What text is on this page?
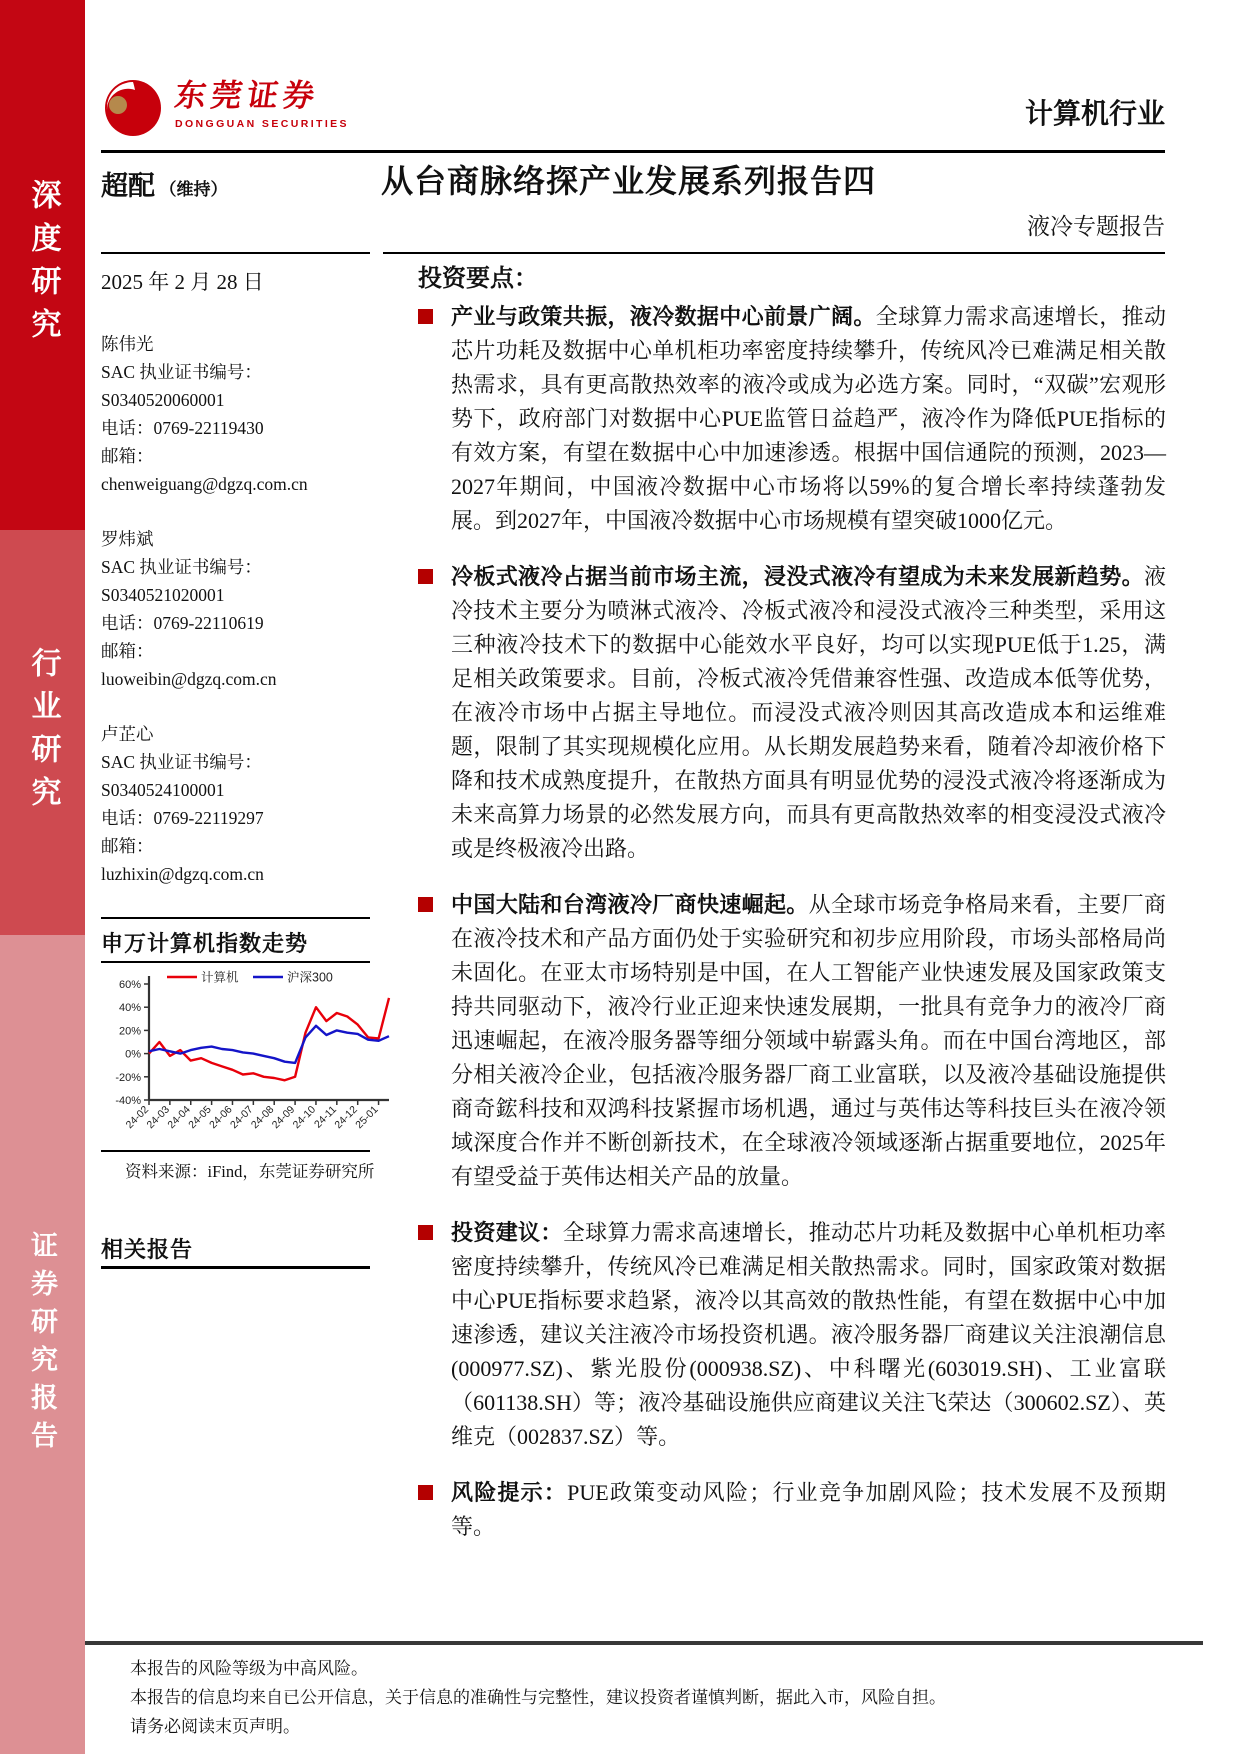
深度研究
行业研究
证券研究报告
东莞证券
DONGGUAN SECURITIES	计算机行业
超配 （维持）	从台商脉络探产业发展系列报告四
液冷专题报告
2025 年 2 月 28 日
陈伟光
SAC 执业证书编号：
S0340520060001
电话：0769-22119430
邮箱：
chenweiguang@dgzq.com.cn
罗炜斌
SAC 执业证书编号：
S0340521020001
电话：0769-22110619
邮箱：
luoweibin@dgzq.com.cn
卢芷心
SAC 执业证书编号：
S0340524100001
电话：0769-22119297
邮箱：
luzhixin@dgzq.com.cn
申万计算机指数走势
60%
40%
20%
0%
-20%
-40%
24-02
24-03
24-04
24-05
24-06
24-07
24-08
24-09
24-10
24-11
24-12
25-01
计算机	沪深300
资料来源：iFind，东莞证券研究所
相关报告
投资要点：
产业与政策共振，液冷数据中心前景广阔。全球算力需求高速增长，推动芯片功耗及数据中心单机柜功率密度持续攀升，传统风冷已难满足相关散热需求，具有更高散热效率的液冷或成为必选方案。同时，“双碳”宏观形势下，政府部门对数据中心PUE监管日益趋严，液冷作为降低PUE指标的有效方案，有望在数据中心中加速渗透。根据中国信通院的预测，2023—2027年期间，中国液冷数据中心市场将以59%的复合增长率持续蓬勃发展。到2027年，中国液冷数据中心市场规模有望突破1000亿元。
冷板式液冷占据当前市场主流，浸没式液冷有望成为未来发展新趋势。液冷技术主要分为喷淋式液冷、冷板式液冷和浸没式液冷三种类型，采用这三种液冷技术下的数据中心能效水平良好，均可以实现PUE低于1.25，满足相关政策要求。目前，冷板式液冷凭借兼容性强、改造成本低等优势，在液冷市场中占据主导地位。而浸没式液冷则因其高改造成本和运维难题，限制了其实现规模化应用。从长期发展趋势来看，随着冷却液价格下降和技术成熟度提升，在散热方面具有明显优势的浸没式液冷将逐渐成为未来高算力场景的必然发展方向，而具有更高散热效率的相变浸没式液冷或是终极液冷出路。
中国大陆和台湾液冷厂商快速崛起。从全球市场竞争格局来看，主要厂商在液冷技术和产品方面仍处于实验研究和初步应用阶段，市场头部格局尚未固化。在亚太市场特别是中国，在人工智能产业快速发展及国家政策支持共同驱动下，液冷行业正迎来快速发展期，一批具有竞争力的液冷厂商迅速崛起，在液冷服务器等细分领域中崭露头角。而在中国台湾地区，部分相关液冷企业，包括液冷服务器厂商工业富联，以及液冷基础设施提供商奇鋐科技和双鸿科技紧握市场机遇，通过与英伟达等科技巨头在液冷领域深度合作并不断创新技术，在全球液冷领域逐渐占据重要地位，2025年有望受益于英伟达相关产品的放量。
投资建议：全球算力需求高速增长，推动芯片功耗及数据中心单机柜功率密度持续攀升，传统风冷已难满足相关散热需求。同时，国家政策对数据中心PUE指标要求趋紧，液冷以其高效的散热性能，有望在数据中心中加速渗透，建议关注液冷市场投资机遇。液冷服务器厂商建议关注浪潮信息(000977.SZ)、紫光股份(000938.SZ)、中科曙光(603019.SH)、工业富联（601138.SH）等；液冷基础设施供应商建议关注飞荣达（300602.SZ）、英维克（002837.SZ）等。
风险提示：PUE政策变动风险；行业竞争加剧风险；技术发展不及预期等。
本报告的风险等级为中高风险。
本报告的信息均来自已公开信息，关于信息的准确性与完整性，建议投资者谨慎判断，据此入市，风险自担。
请务必阅读末页声明。
